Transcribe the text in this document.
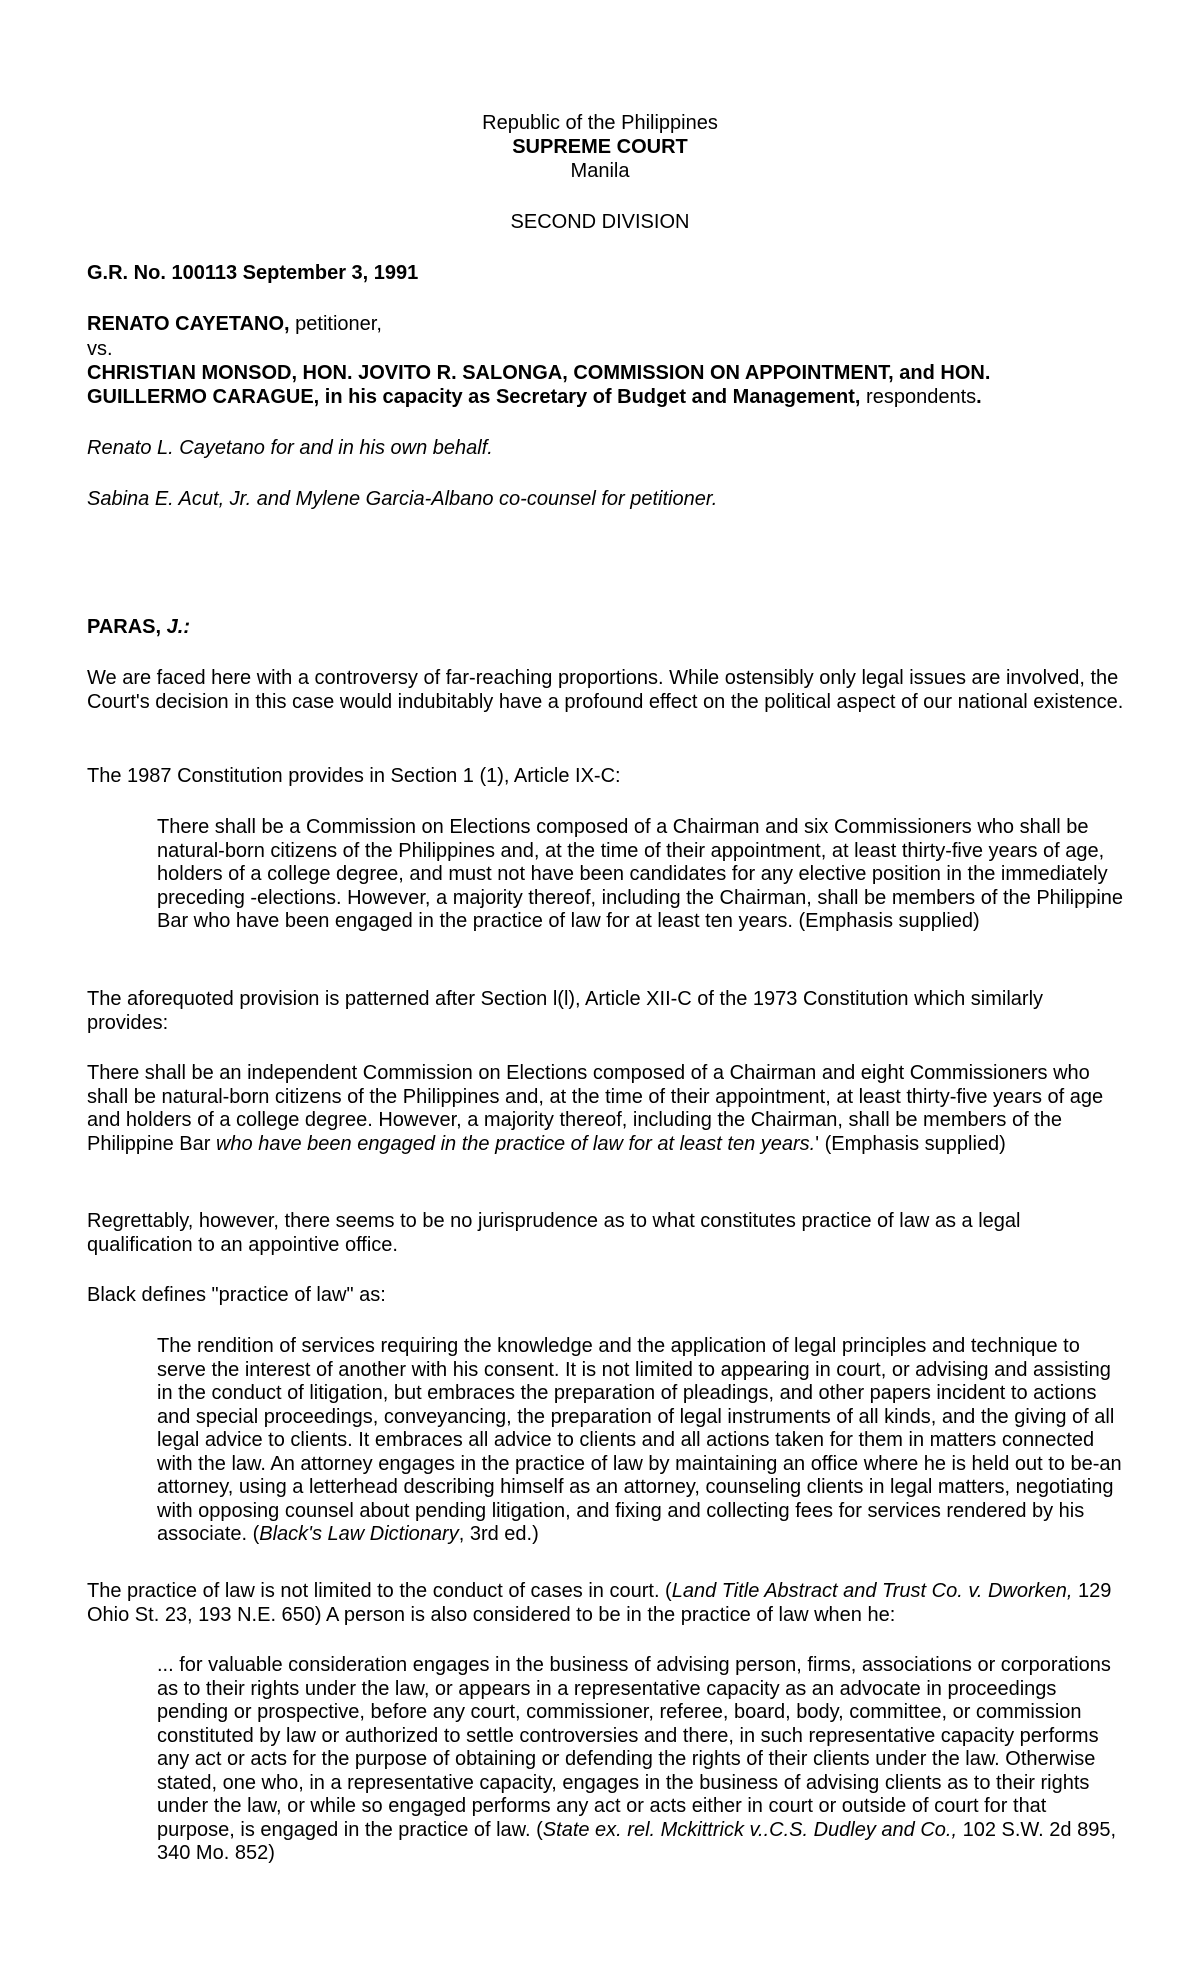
Republic of the Philippines

SUPREME COURT

Manila

SECOND DIVISION

G.R. No. 100113 September 3, 1991

RENATO CAYETANO, petitioner,

vs.

CHRISTIAN MONSOD, HON. JOVITO R. SALONGA, COMMISSION ON APPOINTMENT, and HON. GUILLERMO CARAGUE, in his capacity as Secretary of Budget and Management, respondents.

Renato L. Cayetano for and in his own behalf.

Sabina E. Acut, Jr. and Mylene Garcia-Albano co-counsel for petitioner.

PARAS, J.:

We are faced here with a controversy of far-reaching proportions. While ostensibly only legal issues are involved, the Court's decision in this case would indubitably have a profound effect on the political aspect of our national existence.

The 1987 Constitution provides in Section 1 (1), Article IX-C:

There shall be a Commission on Elections composed of a Chairman and six Commissioners who shall be natural-born citizens of the Philippines and, at the time of their appointment, at least thirty-five years of age, holders of a college degree, and must not have been candidates for any elective position in the immediately preceding -elections. However, a majority thereof, including the Chairman, shall be members of the Philippine Bar who have been engaged in the practice of law for at least ten years. (Emphasis supplied)

The aforequoted provision is patterned after Section l(l), Article XII-C of the 1973 Constitution which similarly provides:

There shall be an independent Commission on Elections composed of a Chairman and eight Commissioners who shall be natural-born citizens of the Philippines and, at the time of their appointment, at least thirty-five years of age and holders of a college degree. However, a majority thereof, including the Chairman, shall be members of the Philippine Bar who have been engaged in the practice of law for at least ten years.' (Emphasis supplied)

Regrettably, however, there seems to be no jurisprudence as to what constitutes practice of law as a legal qualification to an appointive office.

Black defines "practice of law" as:

The rendition of services requiring the knowledge and the application of legal principles and technique to serve the interest of another with his consent. It is not limited to appearing in court, or advising and assisting in the conduct of litigation, but embraces the preparation of pleadings, and other papers incident to actions and special proceedings, conveyancing, the preparation of legal instruments of all kinds, and the giving of all legal advice to clients. It embraces all advice to clients and all actions taken for them in matters connected with the law. An attorney engages in the practice of law by maintaining an office where he is held out to be-an attorney, using a letterhead describing himself as an attorney, counseling clients in legal matters, negotiating with opposing counsel about pending litigation, and fixing and collecting fees for services rendered by his associate. (Black's Law Dictionary, 3rd ed.)

The practice of law is not limited to the conduct of cases in court. (Land Title Abstract and Trust Co. v. Dworken, 129 Ohio St. 23, 193 N.E. 650) A person is also considered to be in the practice of law when he:

... for valuable consideration engages in the business of advising person, firms, associations or corporations as to their rights under the law, or appears in a representative capacity as an advocate in proceedings pending or prospective, before any court, commissioner, referee, board, body, committee, or commission constituted by law or authorized to settle controversies and there, in such representative capacity performs any act or acts for the purpose of obtaining or defending the rights of their clients under the law. Otherwise stated, one who, in a representative capacity, engages in the business of advising clients as to their rights under the law, or while so engaged performs any act or acts either in court or outside of court for that purpose, is engaged in the practice of law. (State ex. rel. Mckittrick v..C.S. Dudley and Co., 102 S.W. 2d 895, 340 Mo. 852)
